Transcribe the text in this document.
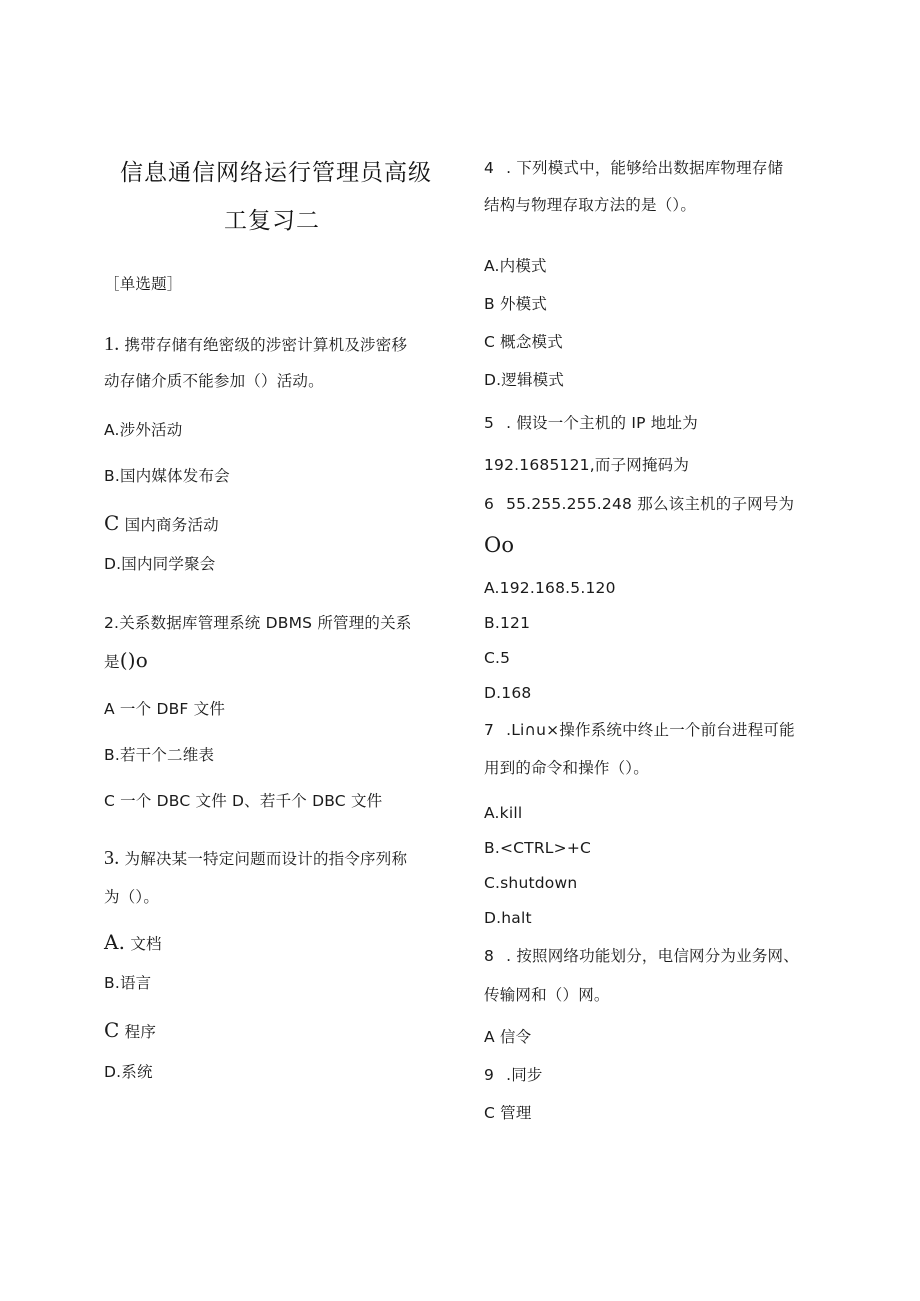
信息通信网络运行管理员高级
工复习二
［单选题］
1. 携带存储有绝密级的涉密计算机及涉密移
动存储介质不能参加（）活动。
A.涉外活动
B.国内媒体发布会
C 国内商务活动
D.国内同学聚会
2.关系数据库管理系统 DBMS 所管理的关系
是()o
A 一个 DBF 文件
B.若干个二维表
C 一个 DBC 文件 D、若千个 DBC 文件
3. 为解决某一特定问题而设计的指令序列称
为（）。
A. 文档
B.语言
C 程序
D.系统
4 . 下列模式中，能够给出数据库物理存储
结构与物理存取方法的是（）。
A.内模式
B 外模式
C 概念模式
D.逻辑模式
5 . 假设一个主机的 IP 地址为
192.1685121,而子网掩码为
6 55.255.255.248 那么该主机的子网号为
Oo
A.192.168.5.120
B.121
C.5
D.168
7 .Li∩u×操作系统中终止一个前台进程可能
用到的命令和操作（）。
A.kill
B.<CTRL>+C
C.shutdown
D.halt
8 . 按照网络功能划分，电信网分为业务网、
传输网和（）网。
A 信令
9 .同步
C 管理
